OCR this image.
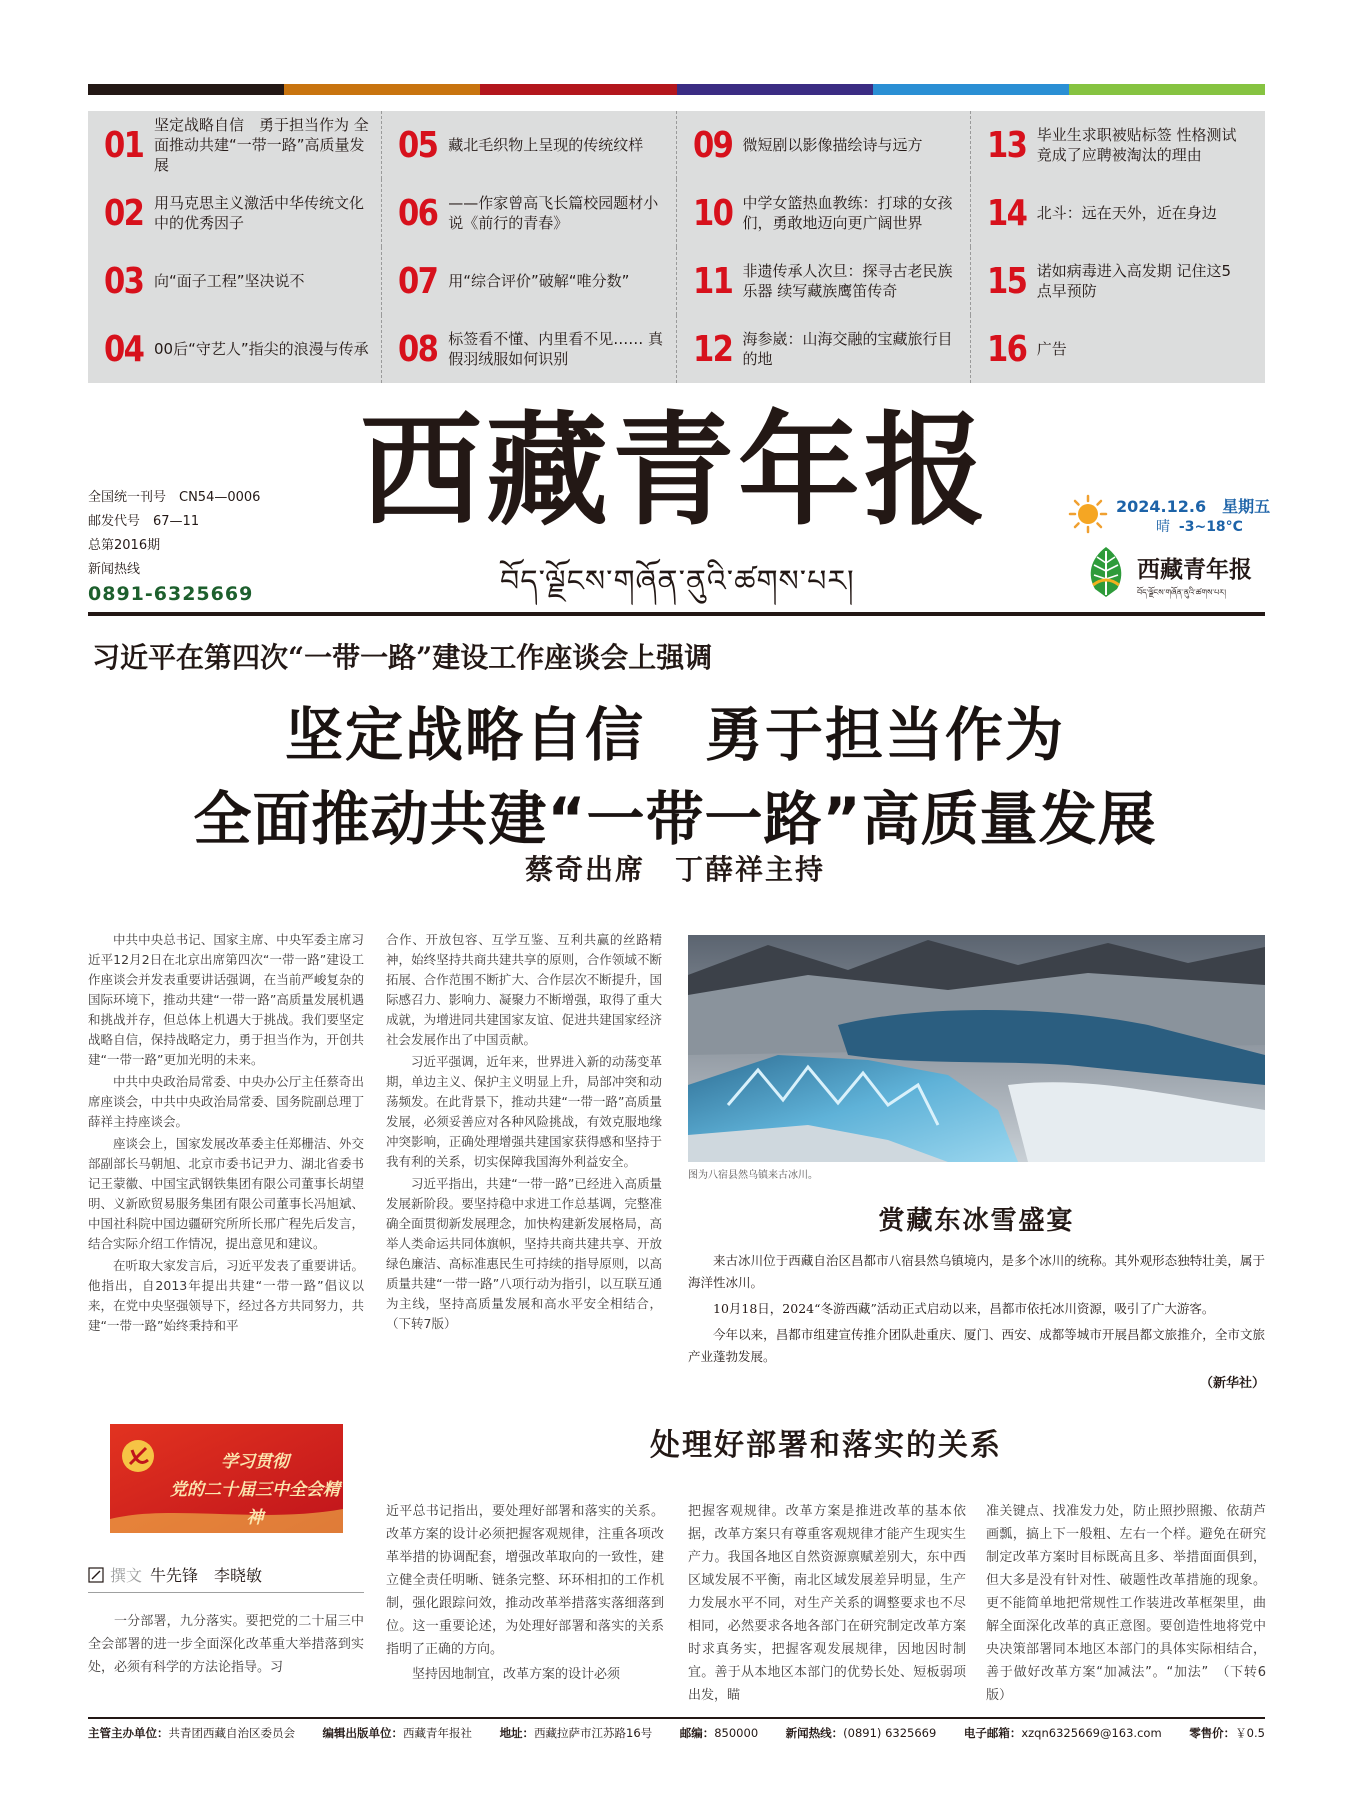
01 坚定战略自信　勇于担当作为 全面推动共建“一带一路”高质量发展	05 藏北毛织物上呈现的传统纹样 09 微短剧以影像描绘诗与远方 13 毕业生求职被贴标签 性格测试竟成了应聘被淘汰的理由
02 用马克思主义激活中华传统文化中的优秀因子	06 ——作家曾高飞长篇校园题材小说《前行的青春》	10 中学女篮热血教练：打球的女孩们，勇敢地迈向更广阔世界	14 北斗：远在天外，近在身边
03 向“面子工程”坚决说不	07 用“综合评价”破解“唯分数” 11 非遗传承人次旦：探寻古老民族乐器 续写藏族鹰笛传奇	15 诺如病毒进入高发期 记住这5点早预防
04 00后“守艺人”指尖的浪漫与传承 08 标签看不懂、内里看不见…… 真假羽绒服如何识别	12 海参崴：山海交融的宝藏旅行目的地	16 广告
西藏青年报
བོད་ལྗོངས་གཞོན་ནུའི་ཚགས་པར།
全国统一刊号　CN54—0006
邮发代号　67—11
总第2016期
新闻热线
0891-6325669
2024.12.6　星期五
晴 -3~18°C
西藏青年报
བོད་ལྗོངས་གཞོན་ནུའི་ཚགས་པར།
习近平在第四次“一带一路”建设工作座谈会上强调
坚定战略自信　勇于担当作为
全面推动共建“一带一路”高质量发展
蔡奇出席　丁薛祥主持

中共中央总书记、国家主席、中央军委主席习近平12月2日在北京出席第四次“一带一路”建设工作座谈会并发表重要讲话强调，在当前严峻复杂的国际环境下，推动共建“一带一路”高质量发展机遇和挑战并存，但总体上机遇大于挑战。我们要坚定战略自信，保持战略定力，勇于担当作为，开创共建“一带一路”更加光明的未来。

中共中央政治局常委、中央办公厅主任蔡奇出席座谈会，中共中央政治局常委、国务院副总理丁薛祥主持座谈会。

座谈会上，国家发展改革委主任郑栅洁、外交部副部长马朝旭、北京市委书记尹力、湖北省委书记王蒙徽、中国宝武钢铁集团有限公司董事长胡望明、义新欧贸易服务集团有限公司董事长冯旭斌、中国社科院中国边疆研究所所长邢广程先后发言，结合实际介绍工作情况，提出意见和建议。

在听取大家发言后，习近平发表了重要讲话。他指出，自2013年提出共建“一带一路”倡议以来，在党中央坚强领导下，经过各方共同努力，共建“一带一路”始终秉持和平

合作、开放包容、互学互鉴、互利共赢的丝路精神，始终坚持共商共建共享的原则，合作领域不断拓展、合作范围不断扩大、合作层次不断提升，国际感召力、影响力、凝聚力不断增强，取得了重大成就，为增进同共建国家友谊、促进共建国家经济社会发展作出了中国贡献。

习近平强调，近年来，世界进入新的动荡变革期，单边主义、保护主义明显上升，局部冲突和动荡频发。在此背景下，推动共建“一带一路”高质量发展，必须妥善应对各种风险挑战，有效克服地缘冲突影响，正确处理增强共建国家获得感和坚持于我有利的关系，切实保障我国海外利益安全。

习近平指出，共建“一带一路”已经进入高质量发展新阶段。要坚持稳中求进工作总基调，完整准确全面贯彻新发展理念，加快构建新发展格局，高举人类命运共同体旗帜，坚持共商共建共享、开放绿色廉洁、高标准惠民生可持续的指导原则，以高质量共建“一带一路”八项行动为指引，以互联互通为主线，坚持高质量发展和高水平安全相结合，（下转7版）

图为八宿县然乌镇来古冰川。
赏藏东冰雪盛宴

来古冰川位于西藏自治区昌都市八宿县然乌镇境内，是多个冰川的统称。其外观形态独特壮美，属于海洋性冰川。

10月18日，2024“冬游西藏”活动正式启动以来，昌都市依托冰川资源，吸引了广大游客。

今年以来，昌都市组建宣传推介团队赴重庆、厦门、西安、成都等城市开展昌都文旅推介，全市文旅产业蓬勃发展。

（新华社）
学习贯彻
党的二十届三中全会精神
处理好部署和落实的关系
撰文 牛先锋　李晓敏

一分部署，九分落实。要把党的二十届三中全会部署的进一步全面深化改革重大举措落到实处，必须有科学的方法论指导。习

近平总书记指出，要处理好部署和落实的关系。改革方案的设计必须把握客观规律，注重各项改革举措的协调配套，增强改革取向的一致性，建立健全责任明晰、链条完整、环环相扣的工作机制，强化跟踪问效，推动改革举措落实落细落到位。这一重要论述，为处理好部署和落实的关系指明了正确的方向。

坚持因地制宜，改革方案的设计必须

把握客观规律。改革方案是推进改革的基本依据，改革方案只有尊重客观规律才能产生现实生产力。我国各地区自然资源禀赋差别大，东中西区域发展不平衡，南北区域发展差异明显，生产力发展水平不同，对生产关系的调整要求也不尽相同，必然要求各地各部门在研究制定改革方案时求真务实，把握客观发展规律，因地因时制宜。善于从本地区本部门的优势长处、短板弱项出发，瞄

准关键点、找准发力处，防止照抄照搬、依葫芦画瓢，搞上下一般粗、左右一个样。避免在研究制定改革方案时目标既高且多、举措面面俱到，但大多是没有针对性、破题性改革措施的现象。更不能简单地把常规性工作装进改革框架里，曲解全面深化改革的真正意图。要创造性地将党中央决策部署同本地区本部门的具体实际相结合，善于做好改革方案“加减法”。“加法”　（下转6版）

主管主办单位：共青团西藏自治区委员会 编辑出版单位：西藏青年报社 地址：西藏拉萨市江苏路16号 邮编：850000 新闻热线：(0891) 6325669 电子邮箱：xzqn6325669@163.com 零售价：￥0.5
